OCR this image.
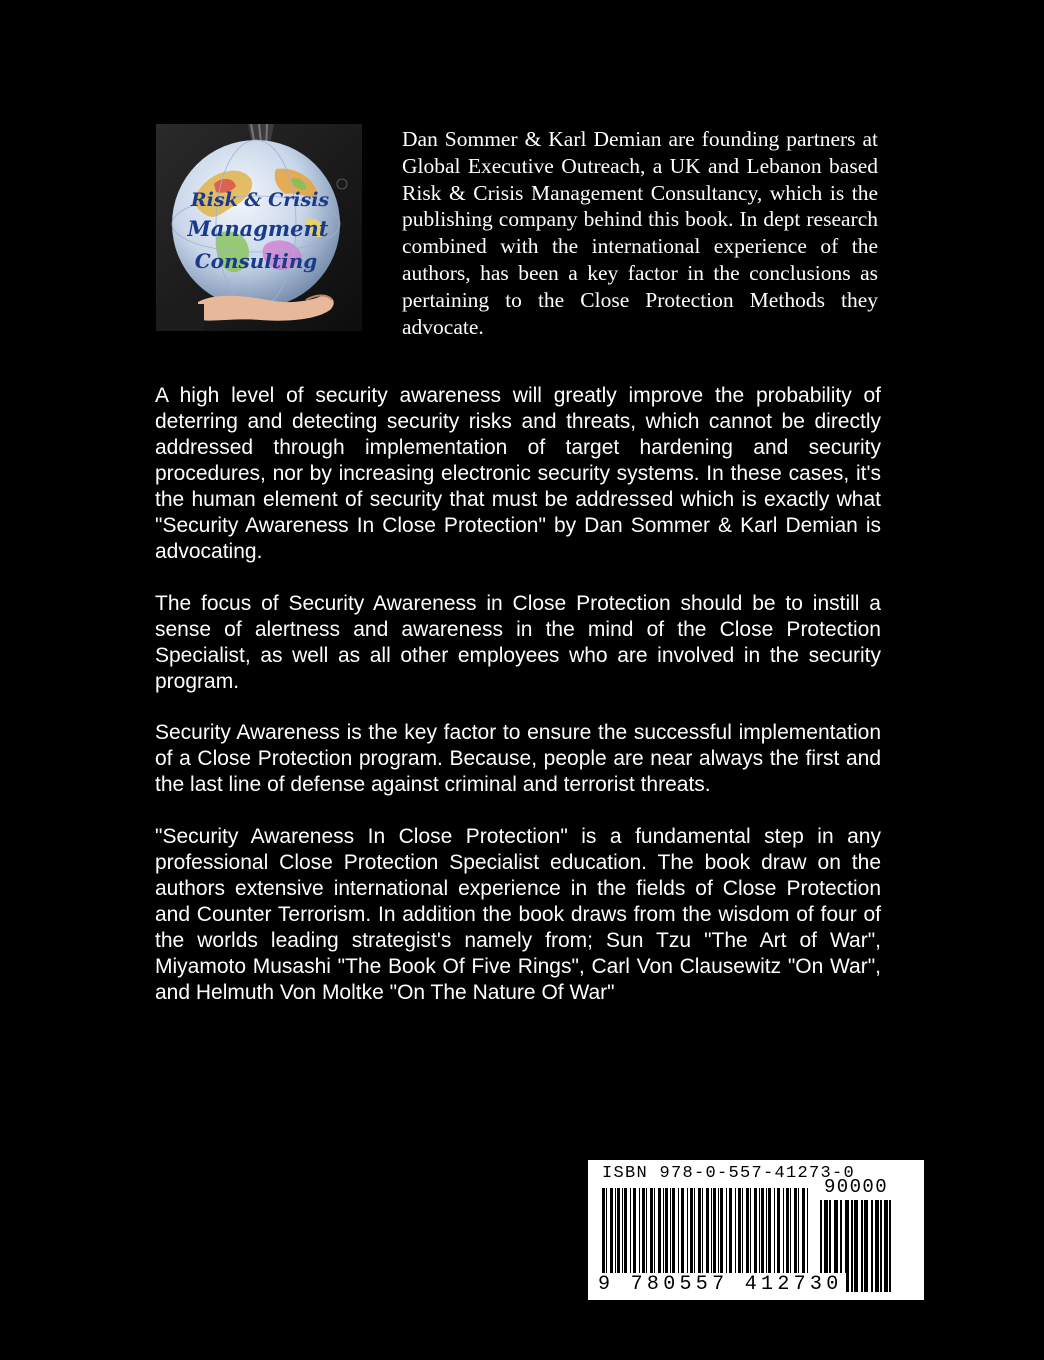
Risk & Crisis
Managment
Consulting

Dan Sommer & Karl Demian are founding partners at Global Executive Outreach, a UK and Lebanon based Risk & Crisis Management Consultancy, which is the publishing company behind this book. In dept research combined with the international experience of the authors, has been a key factor in the conclusions as pertaining to the Close Protection Methods they advocate.

A high level of security awareness will greatly improve the probability of deterring and detecting security risks and threats, which cannot be directly addressed through implementation of target hardening and security procedures, nor by increasing electronic security systems. In these cases, it's the human element of security that must be addressed which is exactly what "Security Awareness In Close Protection" by Dan Sommer & Karl Demian is advocating.

The focus of Security Awareness in Close Protection should be to instill a sense of alertness and awareness in the mind of the Close Protection Specialist, as well as all other employees who are involved in the security program.

Security Awareness is the key factor to ensure the successful implementation of a Close Protection program. Because, people are near always the first and the last line of defense against criminal and terrorist threats.

"Security Awareness In Close Protection" is a fundamental step in any professional Close Protection Specialist education. The book draw on the authors extensive international experience in the fields of Close Protection and Counter Terrorism. In addition the book draws from the wisdom of four of the worlds leading strategist's namely from; Sun Tzu "The Art of War", Miyamoto Musashi "The Book Of Five Rings", Carl Von Clausewitz "On War", and Helmuth Von Moltke "On The Nature Of War"

ISBN 978-0-557-41273-0
90000
9 780557 412730
